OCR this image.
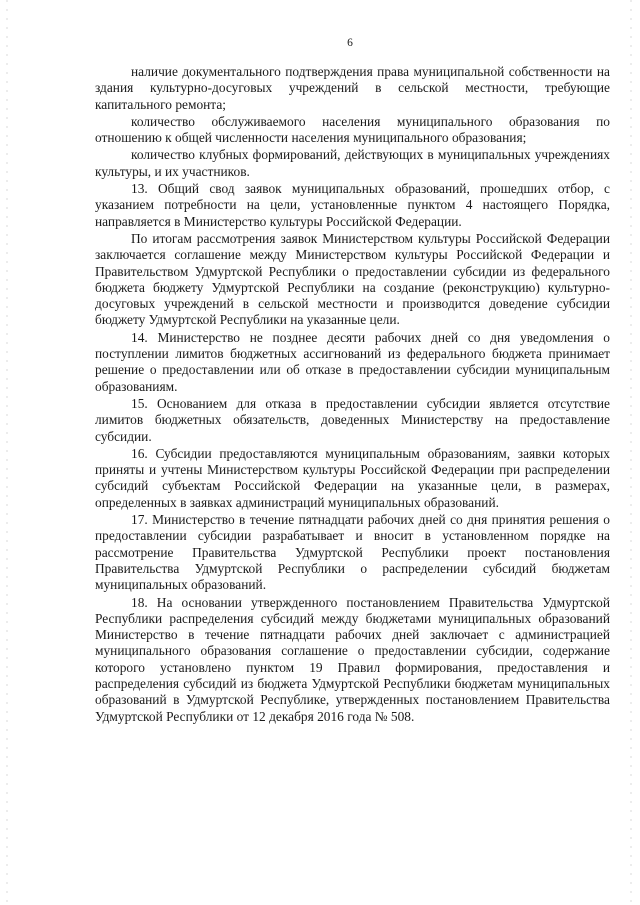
6

наличие документального подтверждения права муниципальной собственности на здания культурно-досуговых учреждений в сельской местности, требующие капитального ремонта;

количество обслуживаемого населения муниципального образования по отношению к общей численности населения муниципального образования;

количество клубных формирований, действующих в муниципальных учреждениях культуры, и их участников.

13. Общий свод заявок муниципальных образований, прошедших отбор, с указанием потребности на цели, установленные пунктом 4 настоящего Порядка, направляется в Министерство культуры Российской Федерации.

По итогам рассмотрения заявок Министерством культуры Российской Федерации заключается соглашение между Министерством культуры Российской Федерации и Правительством Удмуртской Республики о предоставлении субсидии из федерального бюджета бюджету Удмуртской Республики на создание (реконструкцию) культурно-досуговых учреждений в сельской местности и производится доведение субсидии бюджету Удмуртской Республики на указанные цели.

14. Министерство не позднее десяти рабочих дней со дня уведомления о поступлении лимитов бюджетных ассигнований из федерального бюджета принимает решение о предоставлении или об отказе в предоставлении субсидии муниципальным образованиям.

15. Основанием для отказа в предоставлении субсидии является отсутствие лимитов бюджетных обязательств, доведенных Министерству на предоставление субсидии.

16. Субсидии предоставляются муниципальным образованиям, заявки которых приняты и учтены Министерством культуры Российской Федерации при распределении субсидий субъектам Российской Федерации на указанные цели, в размерах, определенных в заявках администраций муниципальных образований.

17. Министерство в течение пятнадцати рабочих дней со дня принятия решения о предоставлении субсидии разрабатывает и вносит в установленном порядке на рассмотрение Правительства Удмуртской Республики проект постановления Правительства Удмуртской Республики о распределении субсидий бюджетам муниципальных образований.

18. На основании утвержденного постановлением Правительства Удмуртской Республики распределения субсидий между бюджетами муниципальных образований Министерство в течение пятнадцати рабочих дней заключает с администрацией муниципального образования соглашение о предоставлении субсидии, содержание которого установлено пунктом 19 Правил формирования, предоставления и распределения субсидий из бюджета Удмуртской Республики бюджетам муниципальных образований в Удмуртской Республике, утвержденных постановлением Правительства Удмуртской Республики от 12 декабря 2016 года № 508.
